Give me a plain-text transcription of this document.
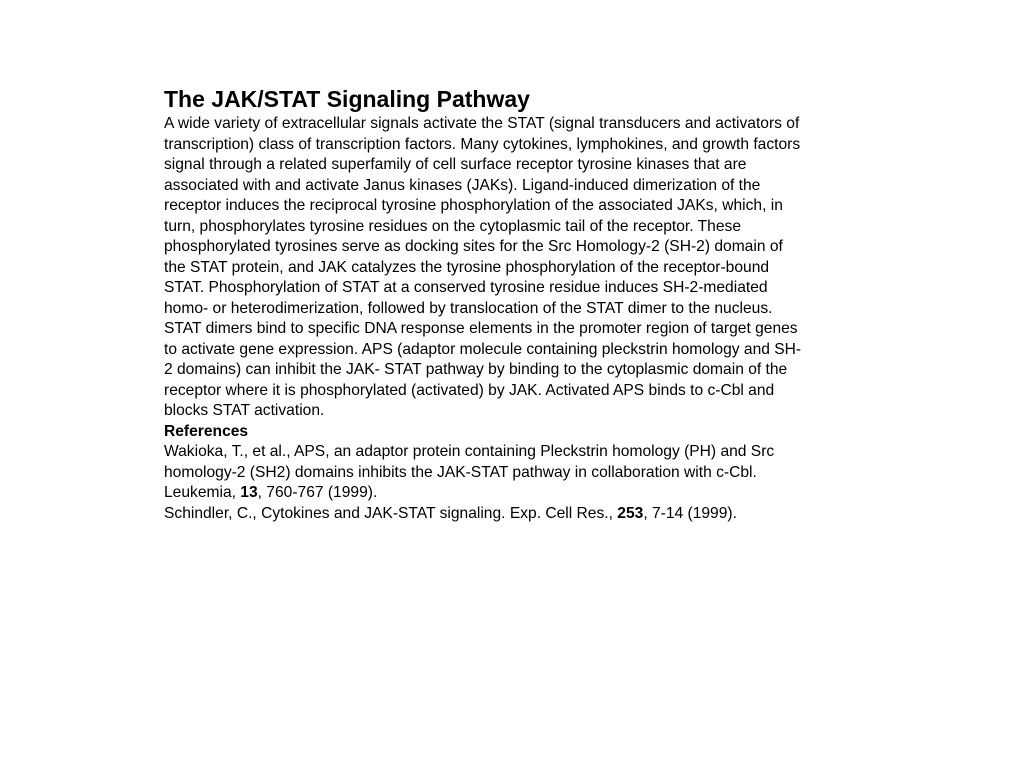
The JAK/STAT Signaling Pathway
A wide variety of extracellular signals activate the STAT (signal transducers and activators of
transcription) class of transcription factors. Many cytokines, lymphokines, and growth factors
signal through a related superfamily of cell surface receptor tyrosine kinases that are
associated with and activate Janus kinases (JAKs). Ligand-induced dimerization of the
receptor induces the reciprocal tyrosine phosphorylation of the associated JAKs, which, in
turn, phosphorylates tyrosine residues on the cytoplasmic tail of the receptor. These
phosphorylated tyrosines serve as docking sites for the Src Homology-2 (SH-2) domain of
the STAT protein, and JAK catalyzes the tyrosine phosphorylation of the receptor-bound
STAT. Phosphorylation of STAT at a conserved tyrosine residue induces SH-2-mediated
homo- or heterodimerization, followed by translocation of the STAT dimer to the nucleus.
STAT dimers bind to specific DNA response elements in the promoter region of target genes
to activate gene expression. APS (adaptor molecule containing pleckstrin homology and SH-
2 domains) can inhibit the JAK- STAT pathway by binding to the cytoplasmic domain of the
receptor where it is phosphorylated (activated) by JAK. Activated APS binds to c-Cbl and
blocks STAT activation.
References
Wakioka, T., et al., APS, an adaptor protein containing Pleckstrin homology (PH) and Src
homology-2 (SH2) domains inhibits the JAK-STAT pathway in collaboration with c-Cbl.
Leukemia, 13, 760-767 (1999).
Schindler, C., Cytokines and JAK-STAT signaling. Exp. Cell Res., 253, 7-14 (1999).
